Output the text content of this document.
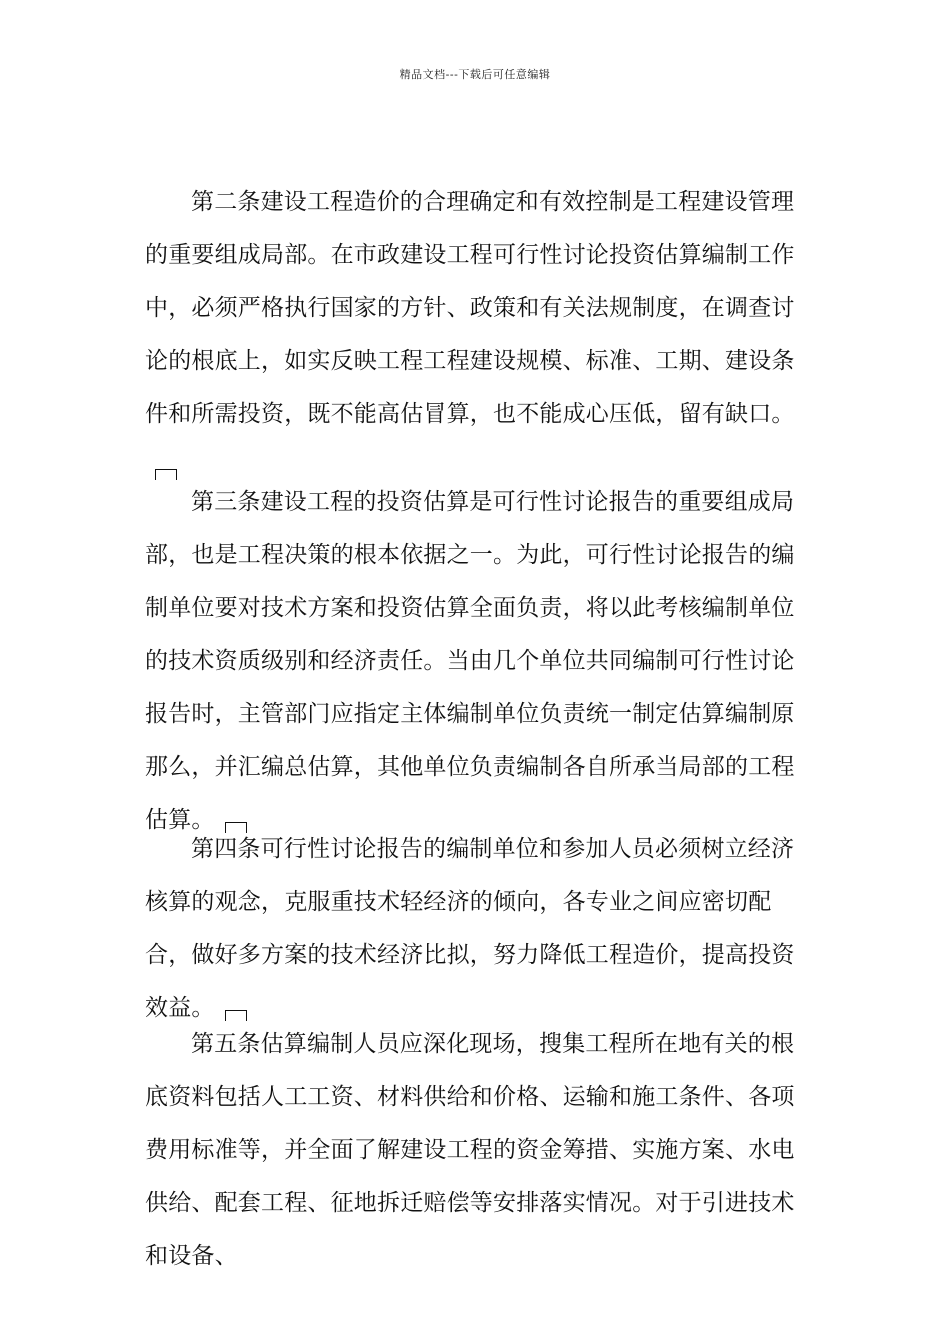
精品文档---下载后可任意编辑
第二条建设工程造价的合理确定和有效控制是工程建设管理的重要组成局部。在市政建设工程可行性讨论投资估算编制工作中，必须严格执行国家的方针、政策和有关法规制度，在调查讨论的根底上，如实反映工程工程建设规模、标准、工期、建设条件和所需投资，既不能高估冒算，也不能成心压低，留有缺口。
第三条建设工程的投资估算是可行性讨论报告的重要组成局部，也是工程决策的根本依据之一。为此，可行性讨论报告的编制单位要对技术方案和投资估算全面负责，将以此考核编制单位的技术资质级别和经济责任。当由几个单位共同编制可行性讨论报告时，主管部门应指定主体编制单位负责统一制定估算编制原那么，并汇编总估算，其他单位负责编制各自所承当局部的工程估算。
第四条可行性讨论报告的编制单位和参加人员必须树立经济核算的观念，克服重技术轻经济的倾向，各专业之间应密切配合，做好多方案的技术经济比拟，努力降低工程造价，提高投资效益。
第五条估算编制人员应深化现场，搜集工程所在地有关的根底资料包括人工工资、材料供给和价格、运输和施工条件、各项费用标准等，并全面了解建设工程的资金筹措、实施方案、水电供给、配套工程、征地拆迁赔偿等安排落实情况。对于引进技术和设备、
